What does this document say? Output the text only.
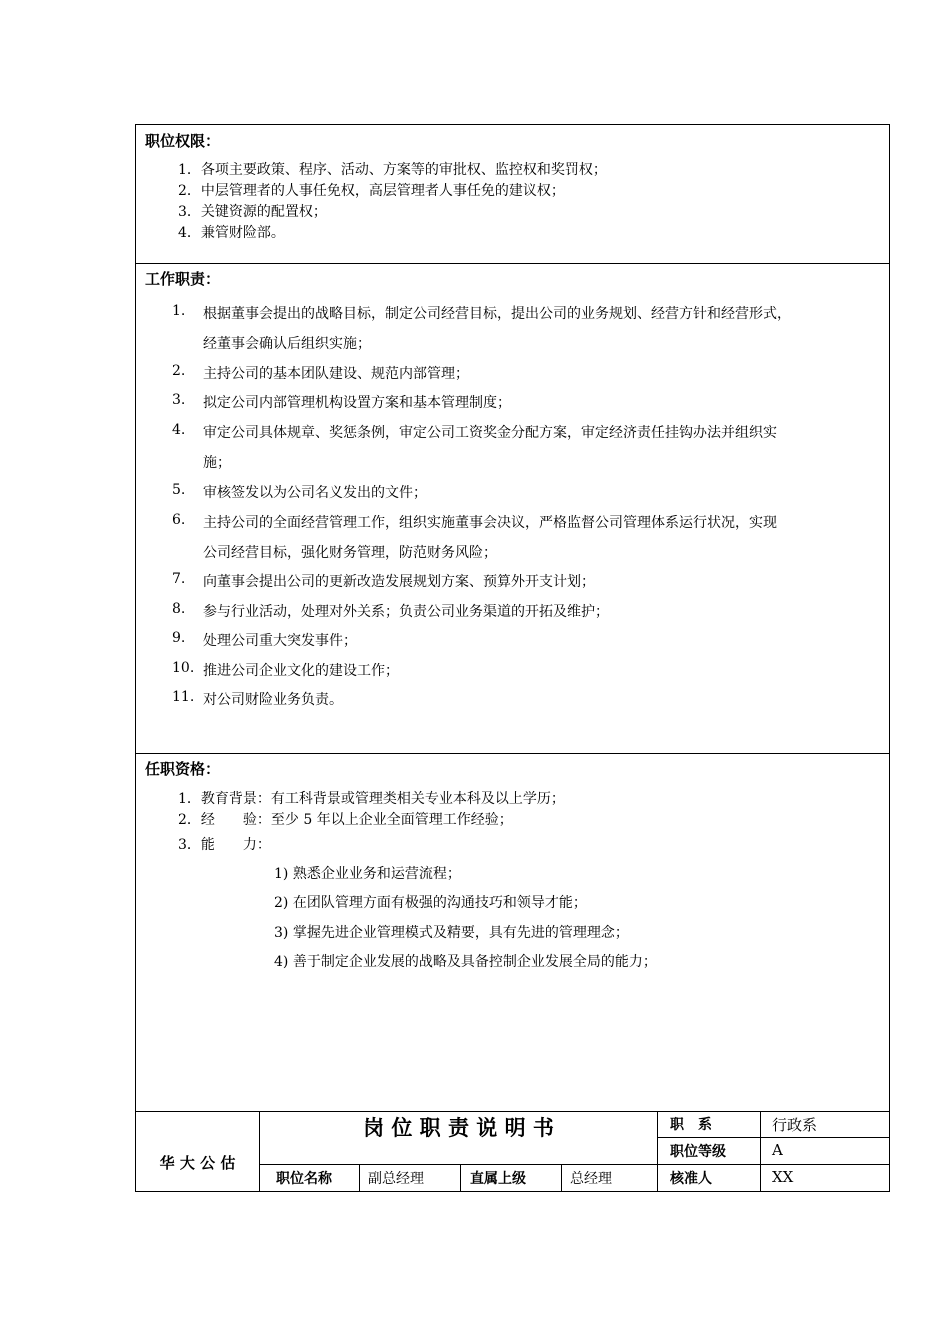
职位权限：
1．各项主要政策、程序、活动、方案等的审批权、监控权和奖罚权；
2．中层管理者的人事任免权，高层管理者人事任免的建议权；
3．关键资源的配置权；
4．兼管财险部。
工作职责：
1. 根据董事会提出的战略目标，制定公司经营目标，提出公司的业务规划、经营方针和经营形式，
经董事会确认后组织实施；
2. 主持公司的基本团队建设、规范内部管理；
3. 拟定公司内部管理机构设置方案和基本管理制度；
4. 审定公司具体规章、奖惩条例，审定公司工资奖金分配方案，审定经济责任挂钩办法并组织实
施；
5. 审核签发以为公司名义发出的文件；
6. 主持公司的全面经营管理工作，组织实施董事会决议，严格监督公司管理体系运行状况，实现
公司经营目标，强化财务管理，防范财务风险；
7. 向董事会提出公司的更新改造发展规划方案、预算外开支计划；
8. 参与行业活动，处理对外关系；负责公司业务渠道的开拓及维护；
9. 处理公司重大突发事件；
10. 推进公司企业文化的建设工作；
11. 对公司财险业务负责。
任职资格：
1．教育背景：有工科背景或管理类相关专业本科及以上学历；
2．经　　验：至少 5 年以上企业全面管理工作经验；
3．能　　力：
1) 熟悉企业业务和运营流程；
2) 在团队管理方面有极强的沟通技巧和领导才能；
3) 掌握先进企业管理模式及精要，具有先进的管理理念；
4) 善于制定企业发展的战略及具备控制企业发展全局的能力；
华 大 公 估
岗 位 职 责 说 明 书	职　系	行政系
职位等级	A
职位名称	副总经理	直属上级	总经理	核准人	XX
